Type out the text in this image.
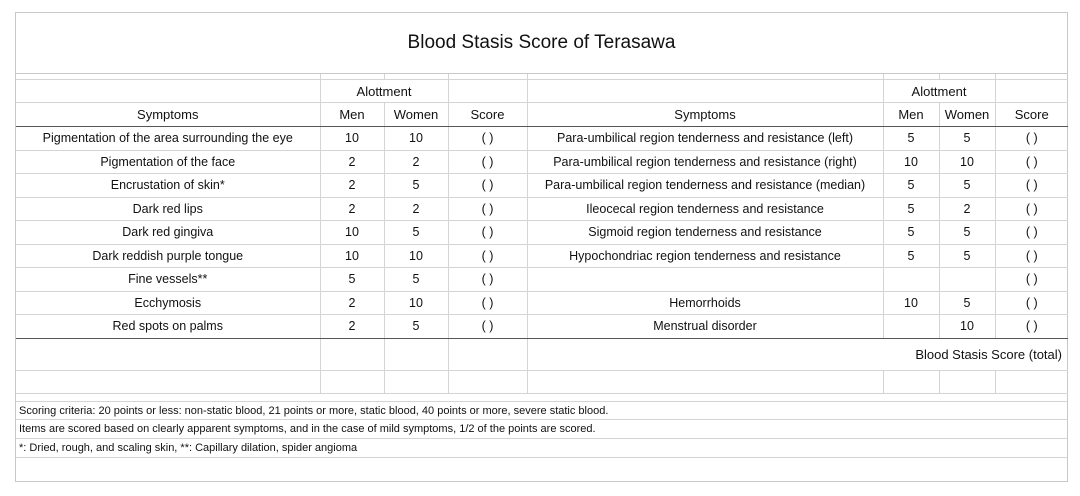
Blood Stasis Score of Terasawa

	Alottment				Alottment		
Symptoms	Men	Women	Score	Symptoms	Men	Women	Score
Pigmentation of the area surrounding the eye	10	10	( )	Para-umbilical region tenderness and resistance (left)	5	5	( )
Pigmentation of the face	2	2	( )	Para-umbilical region tenderness and resistance (right)	10	10	( )
Encrustation of skin*	2	5	( )	Para-umbilical region tenderness and resistance (median)	5	5	( )
Dark red lips	2	2	( )	Ileocecal region tenderness and resistance	5	2	( )
Dark red gingiva	10	5	( )	Sigmoid region tenderness and resistance	5	5	( )
Dark reddish purple tongue	10	10	( )	Hypochondriac region tenderness and resistance	5	5	( )
Fine vessels**	5	5	( )				( )
Ecchymosis	2	10	( )	Hemorrhoids	10	5	( )
Red spots on palms	2	5	( )	Menstrual disorder		10	( )
				Blood Stasis Score (total)			

Scoring criteria: 20 points or less: non-static blood, 21 points or more, static blood, 40 points or more, severe static blood.
Items are scored based on clearly apparent symptoms, and in the case of mild symptoms, 1/2 of the points are scored.
*: Dried, rough, and scaling skin, **: Capillary dilation, spider angioma
